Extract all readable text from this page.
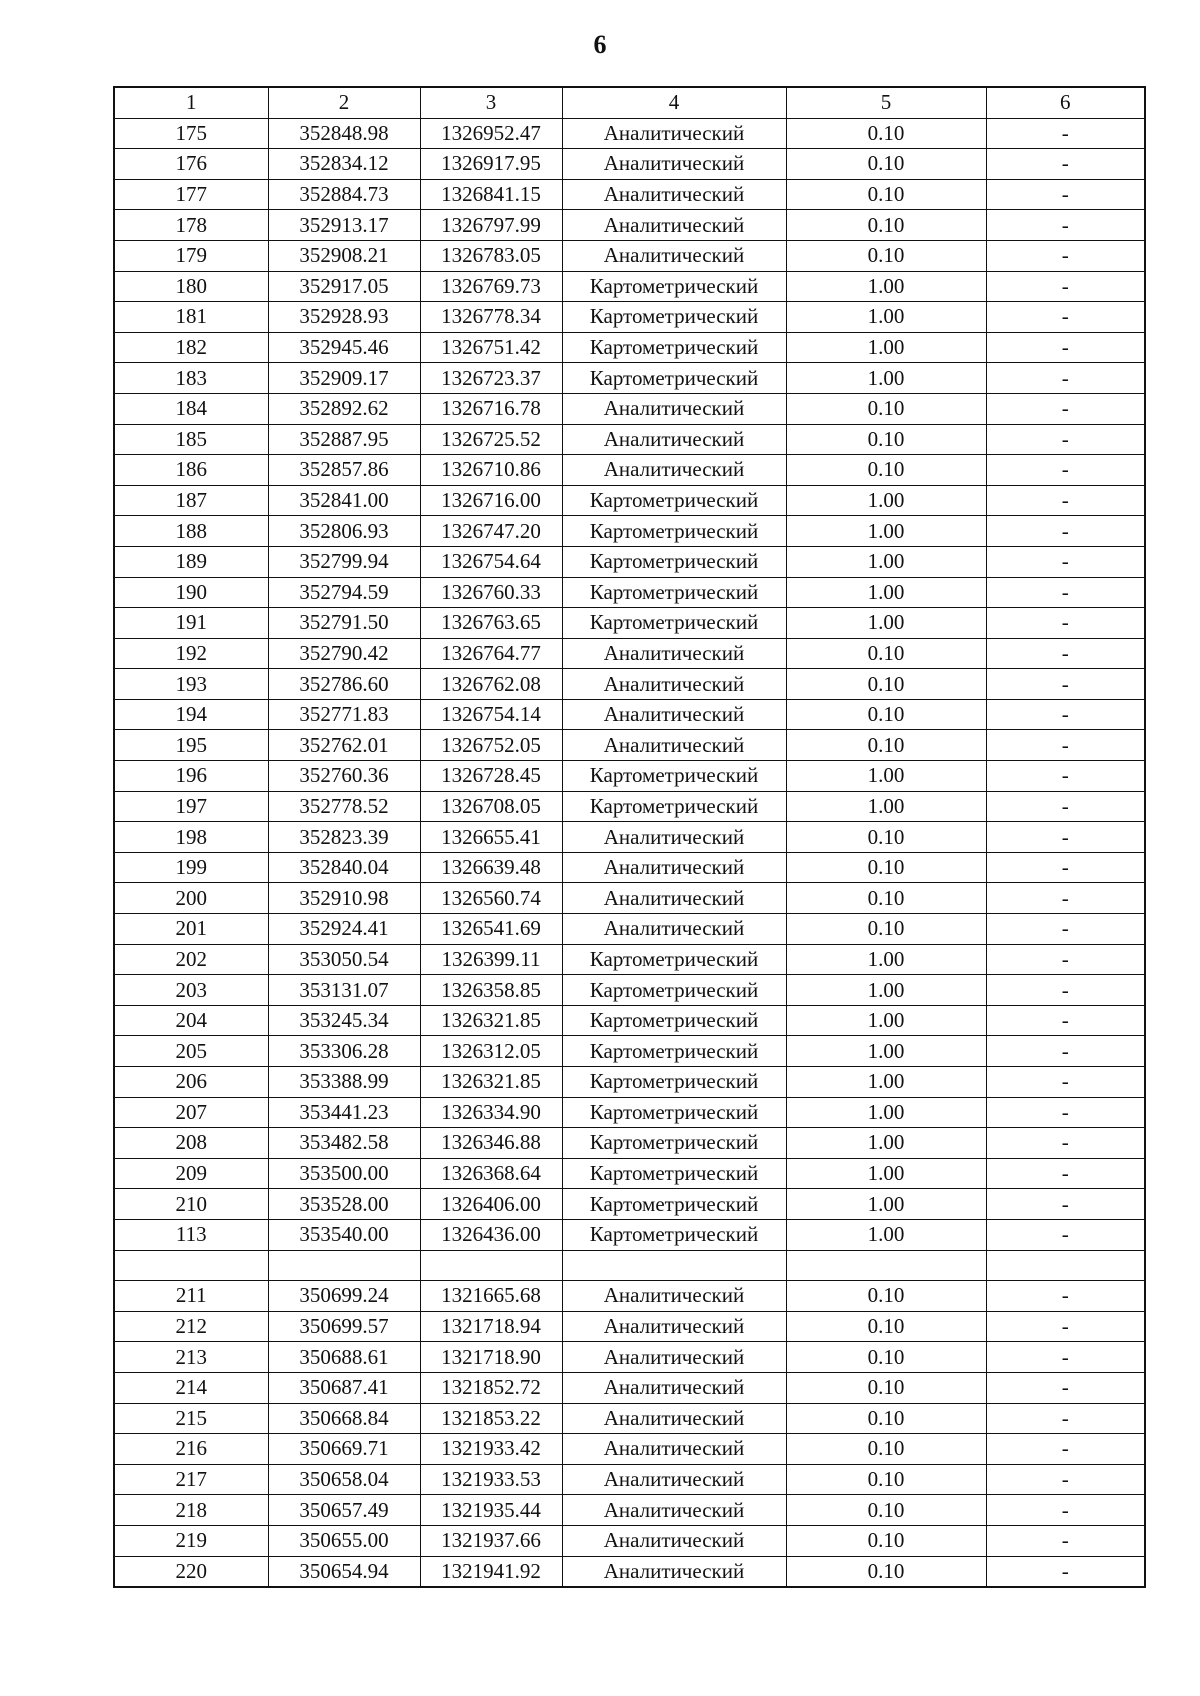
6
1	2	3	4	5	6
175	352848.98	1326952.47	Аналитический	0.10	-
176	352834.12	1326917.95	Аналитический	0.10	-
177	352884.73	1326841.15	Аналитический	0.10	-
178	352913.17	1326797.99	Аналитический	0.10	-
179	352908.21	1326783.05	Аналитический	0.10	-
180	352917.05	1326769.73	Картометрический	1.00	-
181	352928.93	1326778.34	Картометрический	1.00	-
182	352945.46	1326751.42	Картометрический	1.00	-
183	352909.17	1326723.37	Картометрический	1.00	-
184	352892.62	1326716.78	Аналитический	0.10	-
185	352887.95	1326725.52	Аналитический	0.10	-
186	352857.86	1326710.86	Аналитический	0.10	-
187	352841.00	1326716.00	Картометрический	1.00	-
188	352806.93	1326747.20	Картометрический	1.00	-
189	352799.94	1326754.64	Картометрический	1.00	-
190	352794.59	1326760.33	Картометрический	1.00	-
191	352791.50	1326763.65	Картометрический	1.00	-
192	352790.42	1326764.77	Аналитический	0.10	-
193	352786.60	1326762.08	Аналитический	0.10	-
194	352771.83	1326754.14	Аналитический	0.10	-
195	352762.01	1326752.05	Аналитический	0.10	-
196	352760.36	1326728.45	Картометрический	1.00	-
197	352778.52	1326708.05	Картометрический	1.00	-
198	352823.39	1326655.41	Аналитический	0.10	-
199	352840.04	1326639.48	Аналитический	0.10	-
200	352910.98	1326560.74	Аналитический	0.10	-
201	352924.41	1326541.69	Аналитический	0.10	-
202	353050.54	1326399.11	Картометрический	1.00	-
203	353131.07	1326358.85	Картометрический	1.00	-
204	353245.34	1326321.85	Картометрический	1.00	-
205	353306.28	1326312.05	Картометрический	1.00	-
206	353388.99	1326321.85	Картометрический	1.00	-
207	353441.23	1326334.90	Картометрический	1.00	-
208	353482.58	1326346.88	Картометрический	1.00	-
209	353500.00	1326368.64	Картометрический	1.00	-
210	353528.00	1326406.00	Картометрический	1.00	-
113	353540.00	1326436.00	Картометрический	1.00	-

211	350699.24	1321665.68	Аналитический	0.10	-
212	350699.57	1321718.94	Аналитический	0.10	-
213	350688.61	1321718.90	Аналитический	0.10	-
214	350687.41	1321852.72	Аналитический	0.10	-
215	350668.84	1321853.22	Аналитический	0.10	-
216	350669.71	1321933.42	Аналитический	0.10	-
217	350658.04	1321933.53	Аналитический	0.10	-
218	350657.49	1321935.44	Аналитический	0.10	-
219	350655.00	1321937.66	Аналитический	0.10	-
220	350654.94	1321941.92	Аналитический	0.10	-
